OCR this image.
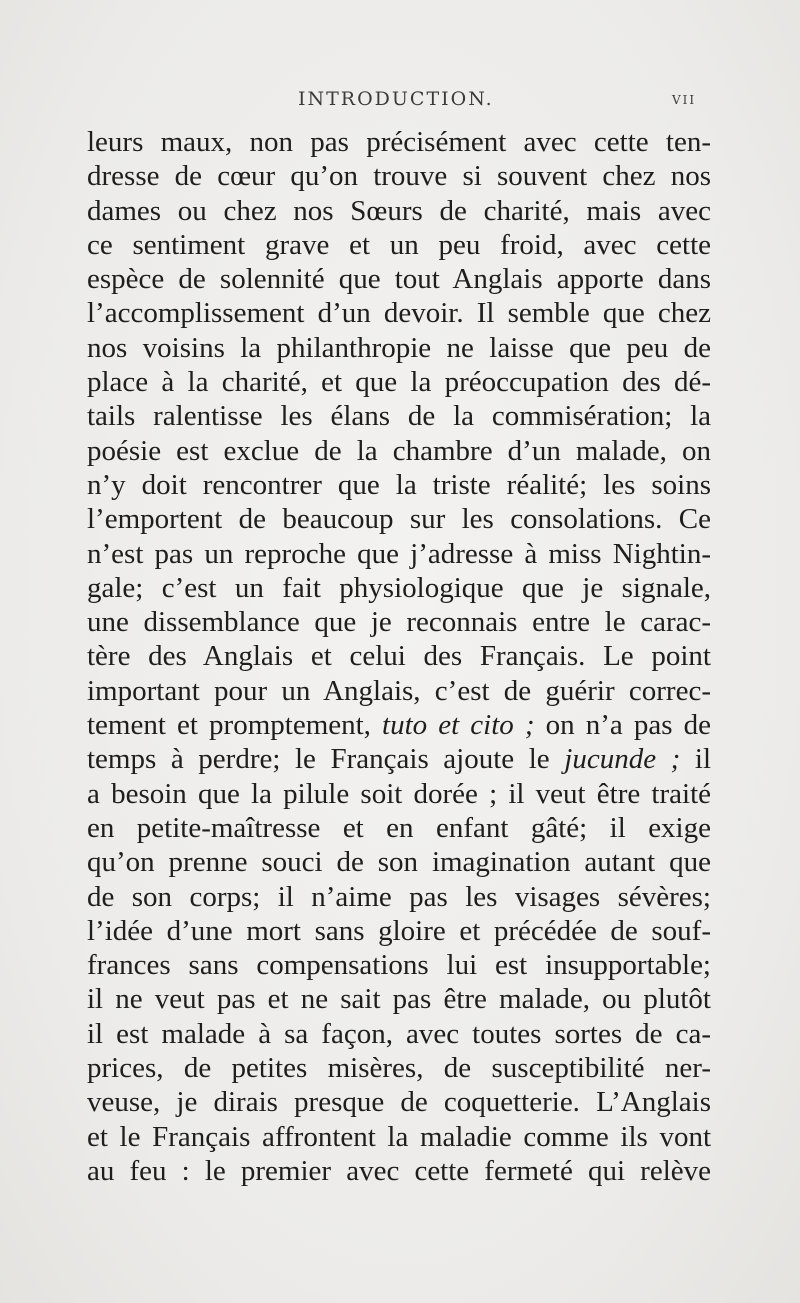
INTRODUCTION.	vii
leurs maux, non pas précisément avec cette ten-
dresse de cœur qu’on trouve si souvent chez nos
dames ou chez nos Sœurs de charité, mais avec
ce sentiment grave et un peu froid, avec cette
espèce de solennité que tout Anglais apporte dans
l’accomplissement d’un devoir. Il semble que chez
nos voisins la philanthropie ne laisse que peu de
place à la charité, et que la préoccupation des dé-
tails ralentisse les élans de la commisération; la
poésie est exclue de la chambre d’un malade, on
n’y doit rencontrer que la triste réalité; les soins
l’emportent de beaucoup sur les consolations. Ce
n’est pas un reproche que j’adresse à miss Nightin-
gale; c’est un fait physiologique que je signale,
une dissemblance que je reconnais entre le carac-
tère des Anglais et celui des Français. Le point
important pour un Anglais, c’est de guérir correc-
tement et promptement, tuto et cito ; on n’a pas de
temps à perdre; le Français ajoute le jucunde ; il
a besoin que la pilule soit dorée ; il veut être traité
en petite-maîtresse et en enfant gâté; il exige
qu’on prenne souci de son imagination autant que
de son corps; il n’aime pas les visages sévères;
l’idée d’une mort sans gloire et précédée de souf-
frances sans compensations lui est insupportable;
il ne veut pas et ne sait pas être malade, ou plutôt
il est malade à sa façon, avec toutes sortes de ca-
prices, de petites misères, de susceptibilité ner-
veuse, je dirais presque de coquetterie. L’Anglais
et le Français affrontent la maladie comme ils vont
au feu : le premier avec cette fermeté qui relève
